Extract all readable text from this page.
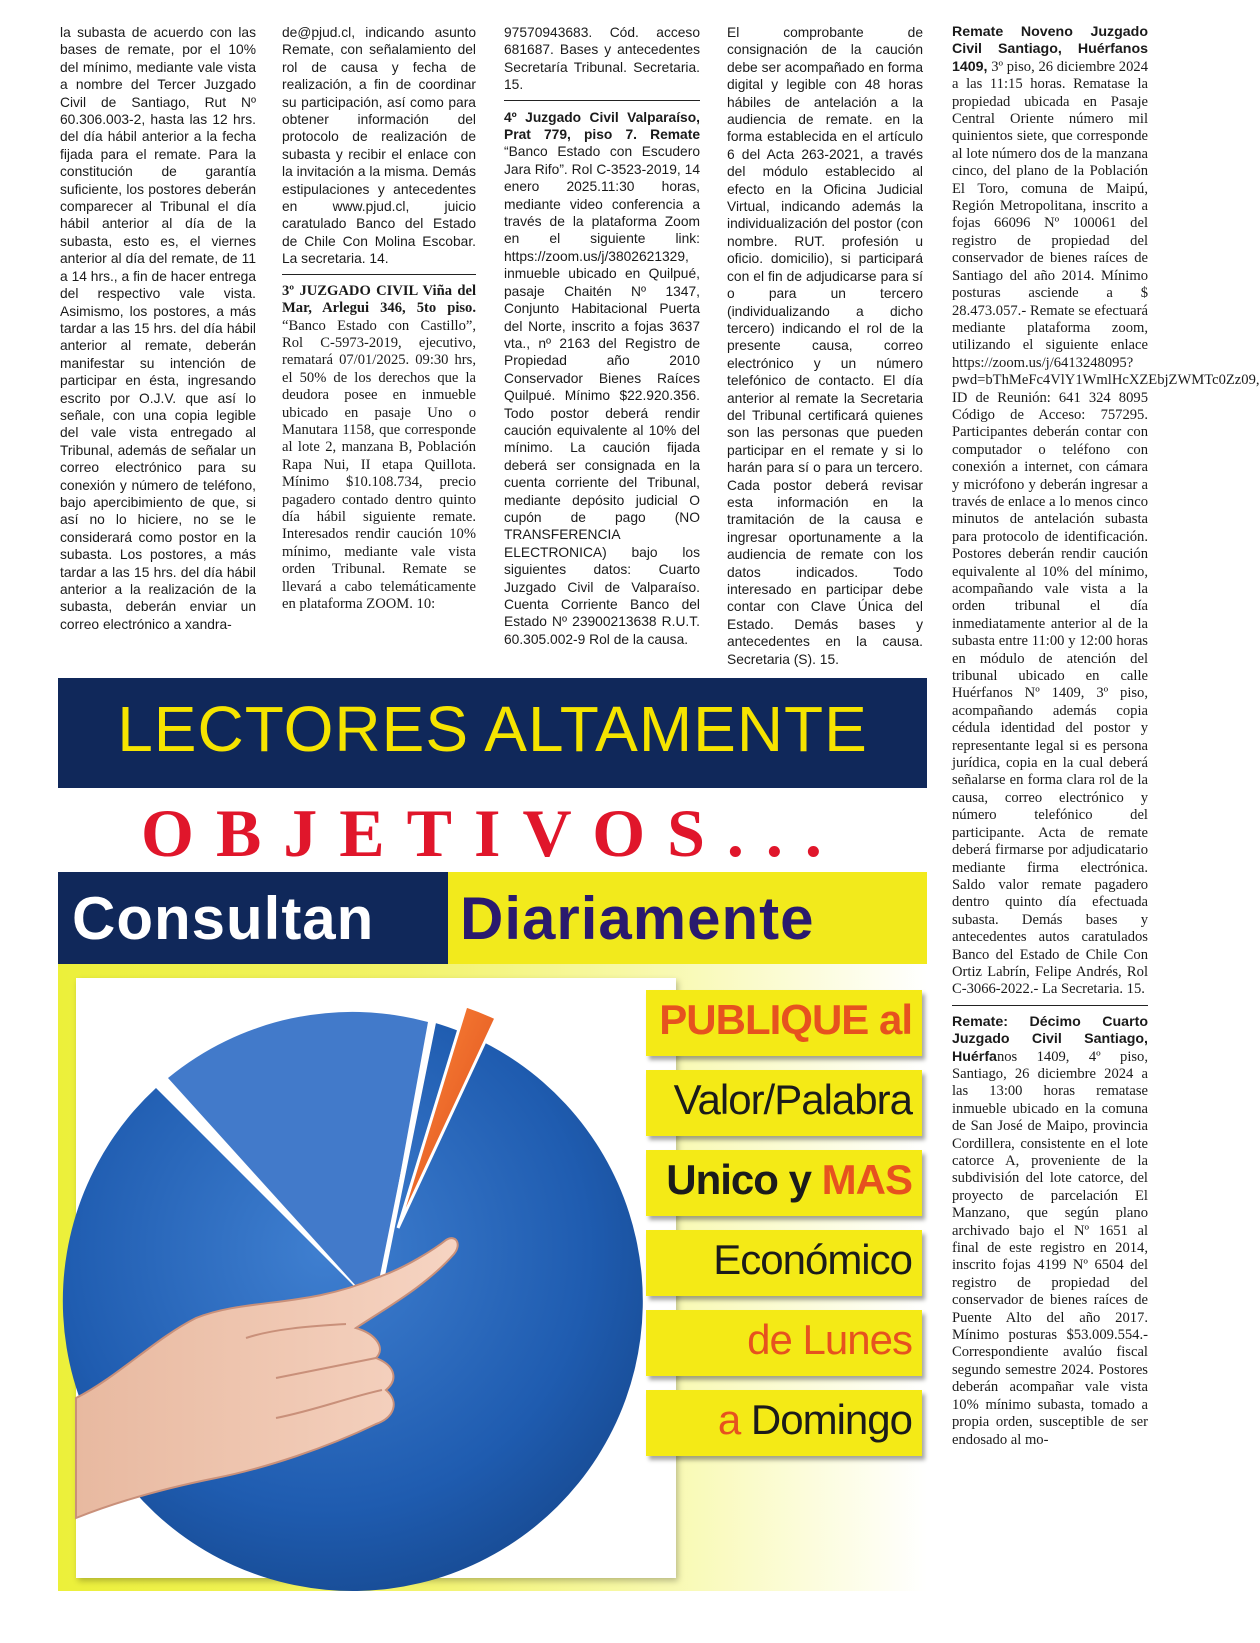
la subasta de acuerdo con las bases de remate, por el 10% del mínimo, mediante vale vista a nombre del Tercer Juzgado Civil de Santiago, Rut Nº 60.306.003-2, hasta las 12 hrs. del día hábil anterior a la fecha fijada para el remate. Para la constitución de garantía suficiente, los postores deberán comparecer al Tribunal el día hábil anterior al día de la subasta, esto es, el viernes anterior al día del remate, de 11 a 14 hrs., a fin de hacer entrega del respectivo vale vista. Asimismo, los postores, a más tardar a las 15 hrs. del día hábil anterior al remate, deberán manifestar su intención de participar en ésta, ingresando escrito por O.J.V. que así lo señale, con una copia legible del vale vista entregado al Tribunal, además de señalar un correo electrónico para su conexión y número de teléfono, bajo apercibimiento de que, si así no lo hiciere, no se le considerará como postor en la subasta. Los postores, a más tardar a las 15 hrs. del día hábil anterior a la realización de la subasta, deberán enviar un correo electrónico a xandra-

de@pjud.cl, indicando asunto Remate, con señalamiento del rol de causa y fecha de realización, a fin de coordinar su participación, así como para obtener información del protocolo de realización de subasta y recibir el enlace con la invitación a la misma. Demás estipulaciones y antecedentes en www.pjud.cl, juicio caratulado Banco del Estado de Chile Con Molina Escobar. La secretaria. 14.

3º JUZGADO CIVIL Viña del Mar, Arlegui 346, 5to piso. “Banco Estado con Castillo”, Rol C-5973-2019, ejecutivo, rematará 07/01/2025. 09:30 hrs, el 50% de los derechos que la deudora posee en inmueble ubicado en pasaje Uno o Manutara 1158, que corresponde al lote 2, manzana B, Población Rapa Nui, II etapa Quillota. Mínimo $10.108.734, precio pagadero contado dentro quinto día hábil siguiente remate. Interesados rendir caución 10% mínimo, mediante vale vista orden Tribunal. Remate se llevará a cabo telemáticamente en plataforma ZOOM. 10:

97570943683. Cód. acceso 681687. Bases y antecedentes Secretaría Tribunal. Secretaria. 15.

4º Juzgado Civil Valparaíso, Prat 779, piso 7. Remate “Banco Estado con Escudero Jara Rifo”. Rol C-3523-2019, 14 enero 2025.11:30 horas, mediante video conferencia a través de la plataforma Zoom en el siguiente link: https://zoom.us/j/3802621329, inmueble ubicado en Quilpué, pasaje Chaitén Nº 1347, Conjunto Habitacional Puerta del Norte, inscrito a fojas 3637 vta., nº 2163 del Registro de Propiedad año 2010 Conservador Bienes Raíces Quilpué. Mínimo $22.920.356. Todo postor deberá rendir caución equivalente al 10% del mínimo. La caución fijada deberá ser consignada en la cuenta corriente del Tribunal, mediante depósito judicial O cupón de pago (NO TRANSFERENCIA ELECTRONICA) bajo los siguientes datos: Cuarto Juzgado Civil de Valparaíso. Cuenta Corriente Banco del Estado Nº 23900213638 R.U.T. 60.305.002-9 Rol de la causa.

El comprobante de consignación de la caución debe ser acompañado en forma digital y legible con 48 horas hábiles de antelación a la audiencia de remate. en la forma establecida en el artículo 6 del Acta 263-2021, a través del módulo establecido al efecto en la Oficina Judicial Virtual, indicando además la individualización del postor (con nombre. RUT. profesión u oficio. domicilio), si participará con el fin de adjudicarse para sí o para un tercero (individualizando a dicho tercero) indicando el rol de la presente causa, correo electrónico y un número telefónico de contacto. El día anterior al remate la Secretaria del Tribunal certificará quienes son las personas que pueden participar en el remate y si lo harán para sí o para un tercero. Cada postor deberá revisar esta información en la tramitación de la causa e ingresar oportunamente a la audiencia de remate con los datos indicados. Todo interesado en participar debe contar con Clave Única del Estado. Demás bases y antecedentes en la causa. Secretaria (S). 15.

Remate Noveno Juzgado Civil Santiago, Huérfanos 1409, 3º piso, 26 diciembre 2024 a las 11:15 horas. Rematase la propiedad ubicada en Pasaje Central Oriente número mil quinientos siete, que corresponde al lote número dos de la manzana cinco, del plano de la Población El Toro, comuna de Maipú, Región Metropolitana, inscrito a fojas 66096 Nº 100061 del registro de propiedad del conservador de bienes raíces de Santiago del año 2014. Mínimo posturas asciende a $ 28.473.057.- Remate se efectuará mediante plataforma zoom, utilizando el siguiente enlace https://zoom.us/j/6413248095?pwd=bThMeFc4VlY1WmlHcXZEbjZWMTc0Zz09, ID de Reunión: 641 324 8095 Código de Acceso: 757295. Participantes deberán contar con computador o teléfono con conexión a internet, con cámara y micrófono y deberán ingresar a través de enlace a lo menos cinco minutos de antelación subasta para protocolo de identificación. Postores deberán rendir caución equivalente al 10% del mínimo, acompañando vale vista a la orden tribunal el día inmediatamente anterior al de la subasta entre 11:00 y 12:00 horas en módulo de atención del tribunal ubicado en calle Huérfanos Nº 1409, 3º piso, acompañando además copia cédula identidad del postor y representante legal si es persona jurídica, copia en la cual deberá señalarse en forma clara rol de la causa, correo electrónico y número telefónico del participante. Acta de remate deberá firmarse por adjudicatario mediante firma electrónica. Saldo valor remate pagadero dentro quinto día efectuada subasta. Demás bases y antecedentes autos caratulados Banco del Estado de Chile Con Ortiz Labrín, Felipe Andrés, Rol C-3066-2022.- La Secretaria. 15.

Remate: Décimo Cuarto Juzgado Civil Santiago, Huérfanos 1409, 4º piso, Santiago, 26 diciembre 2024 a las 13:00 horas rematase inmueble ubicado en la comuna de San José de Maipo, provincia Cordillera, consistente en el lote catorce A, proveniente de la subdivisión del lote catorce, del proyecto de parcelación El Manzano, que según plano archivado bajo el Nº 1651 al final de este registro en 2014, inscrito fojas 4199 Nº 6504 del registro de propiedad del conservador de bienes raíces de Puente Alto del año 2017. Mínimo posturas $53.009.554.- Correspondiente avalúo fiscal segundo semestre 2024. Postores deberán acompañar vale vista 10% mínimo subasta, tomado a propia orden, susceptible de ser endosado al mo-

LECTORES ALTAMENTE
OBJETIVOS...
Consultan Diariamente
PUBLIQUE al
Valor/Palabra
Unico y MAS
Económico
de Lunes
a Domingo
